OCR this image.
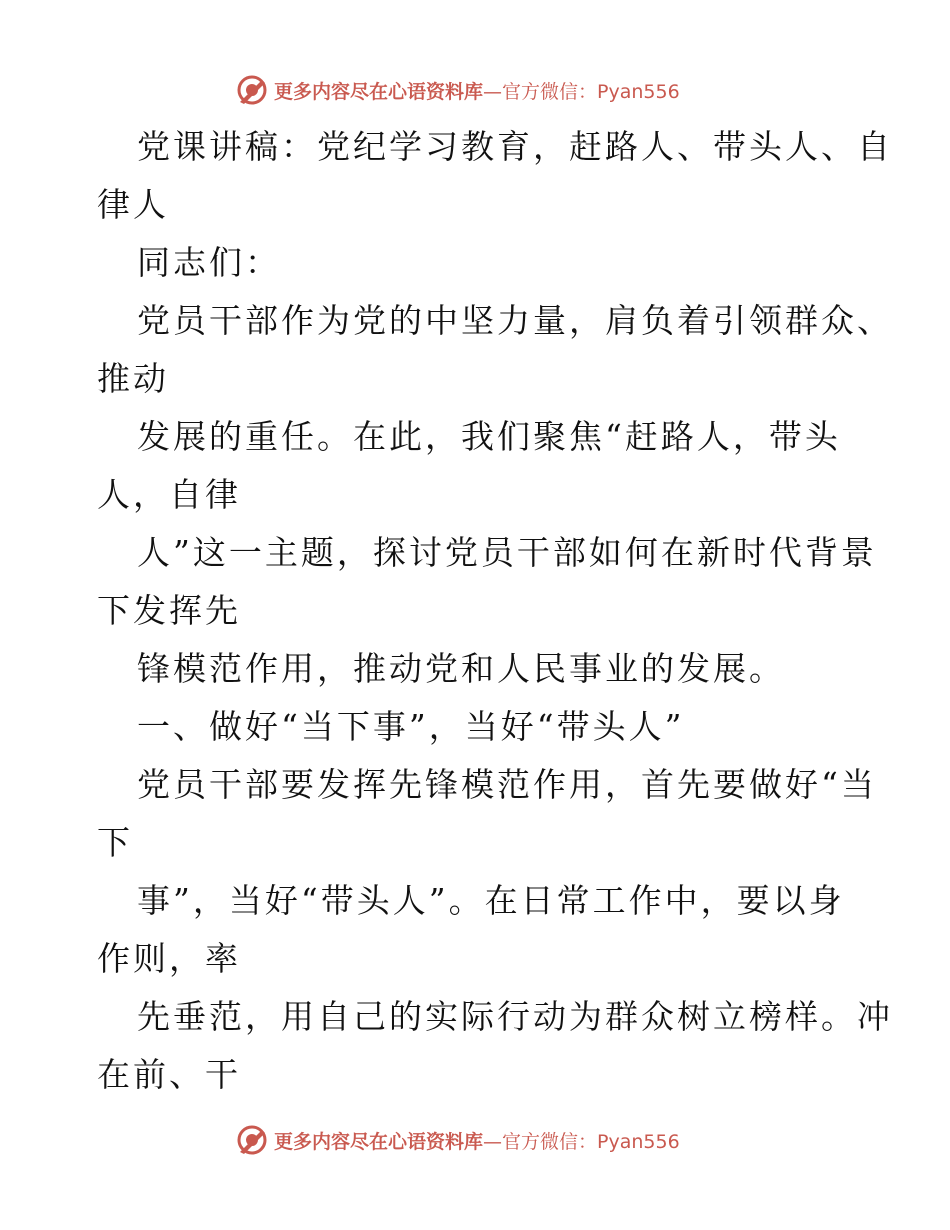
更多内容尽在心语资料库—官方微信：Pyan556
党课讲稿：党纪学习教育，赶路人、带头人、自
律人
同志们：
党员干部作为党的中坚力量，肩负着引领群众、
推动
发展的重任。在此，我们聚焦“赶路人，带头
人，自律
人”这一主题，探讨党员干部如何在新时代背景
下发挥先
锋模范作用，推动党和人民事业的发展。
一、做好“当下事”，当好“带头人”
党员干部要发挥先锋模范作用，首先要做好“当
下
事”，当好“带头人”。在日常工作中，要以身
作则，率
先垂范，用自己的实际行动为群众树立榜样。冲
在前、干
更多内容尽在心语资料库—官方微信：Pyan556
